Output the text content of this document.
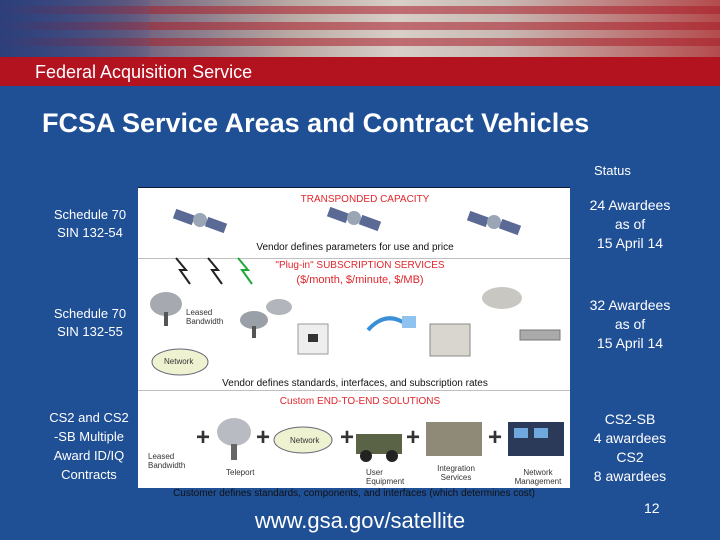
Federal Acquisition Service
FCSA Service Areas and Contract Vehicles
Status
Schedule 70
SIN 132-54
24 Awardees
as of
15 April 14
TRANSPONDED CAPACITY
Vendor defines parameters for use and price
Schedule 70
SIN 132-55
32 Awardees
as of
15 April 14
"Plug-in" SUBSCRIPTION SERVICES
($/month, $/minute, $/MB)
Vendor defines standards, interfaces, and subscription rates
Leased Bandwidth
Network
CS2 and CS2
-SB Multiple
Award ID/IQ
Contracts
CS2-SB
4 awardees
CS2
8 awardees
Custom END-TO-END SOLUTIONS
Leased Bandwidth
+
Teleport
+ Network +
User Equipment
+
Integration Services
+
Network Management
Customer defines standards, components, and interfaces (which determines cost)
www.gsa.gov/satellite	12
